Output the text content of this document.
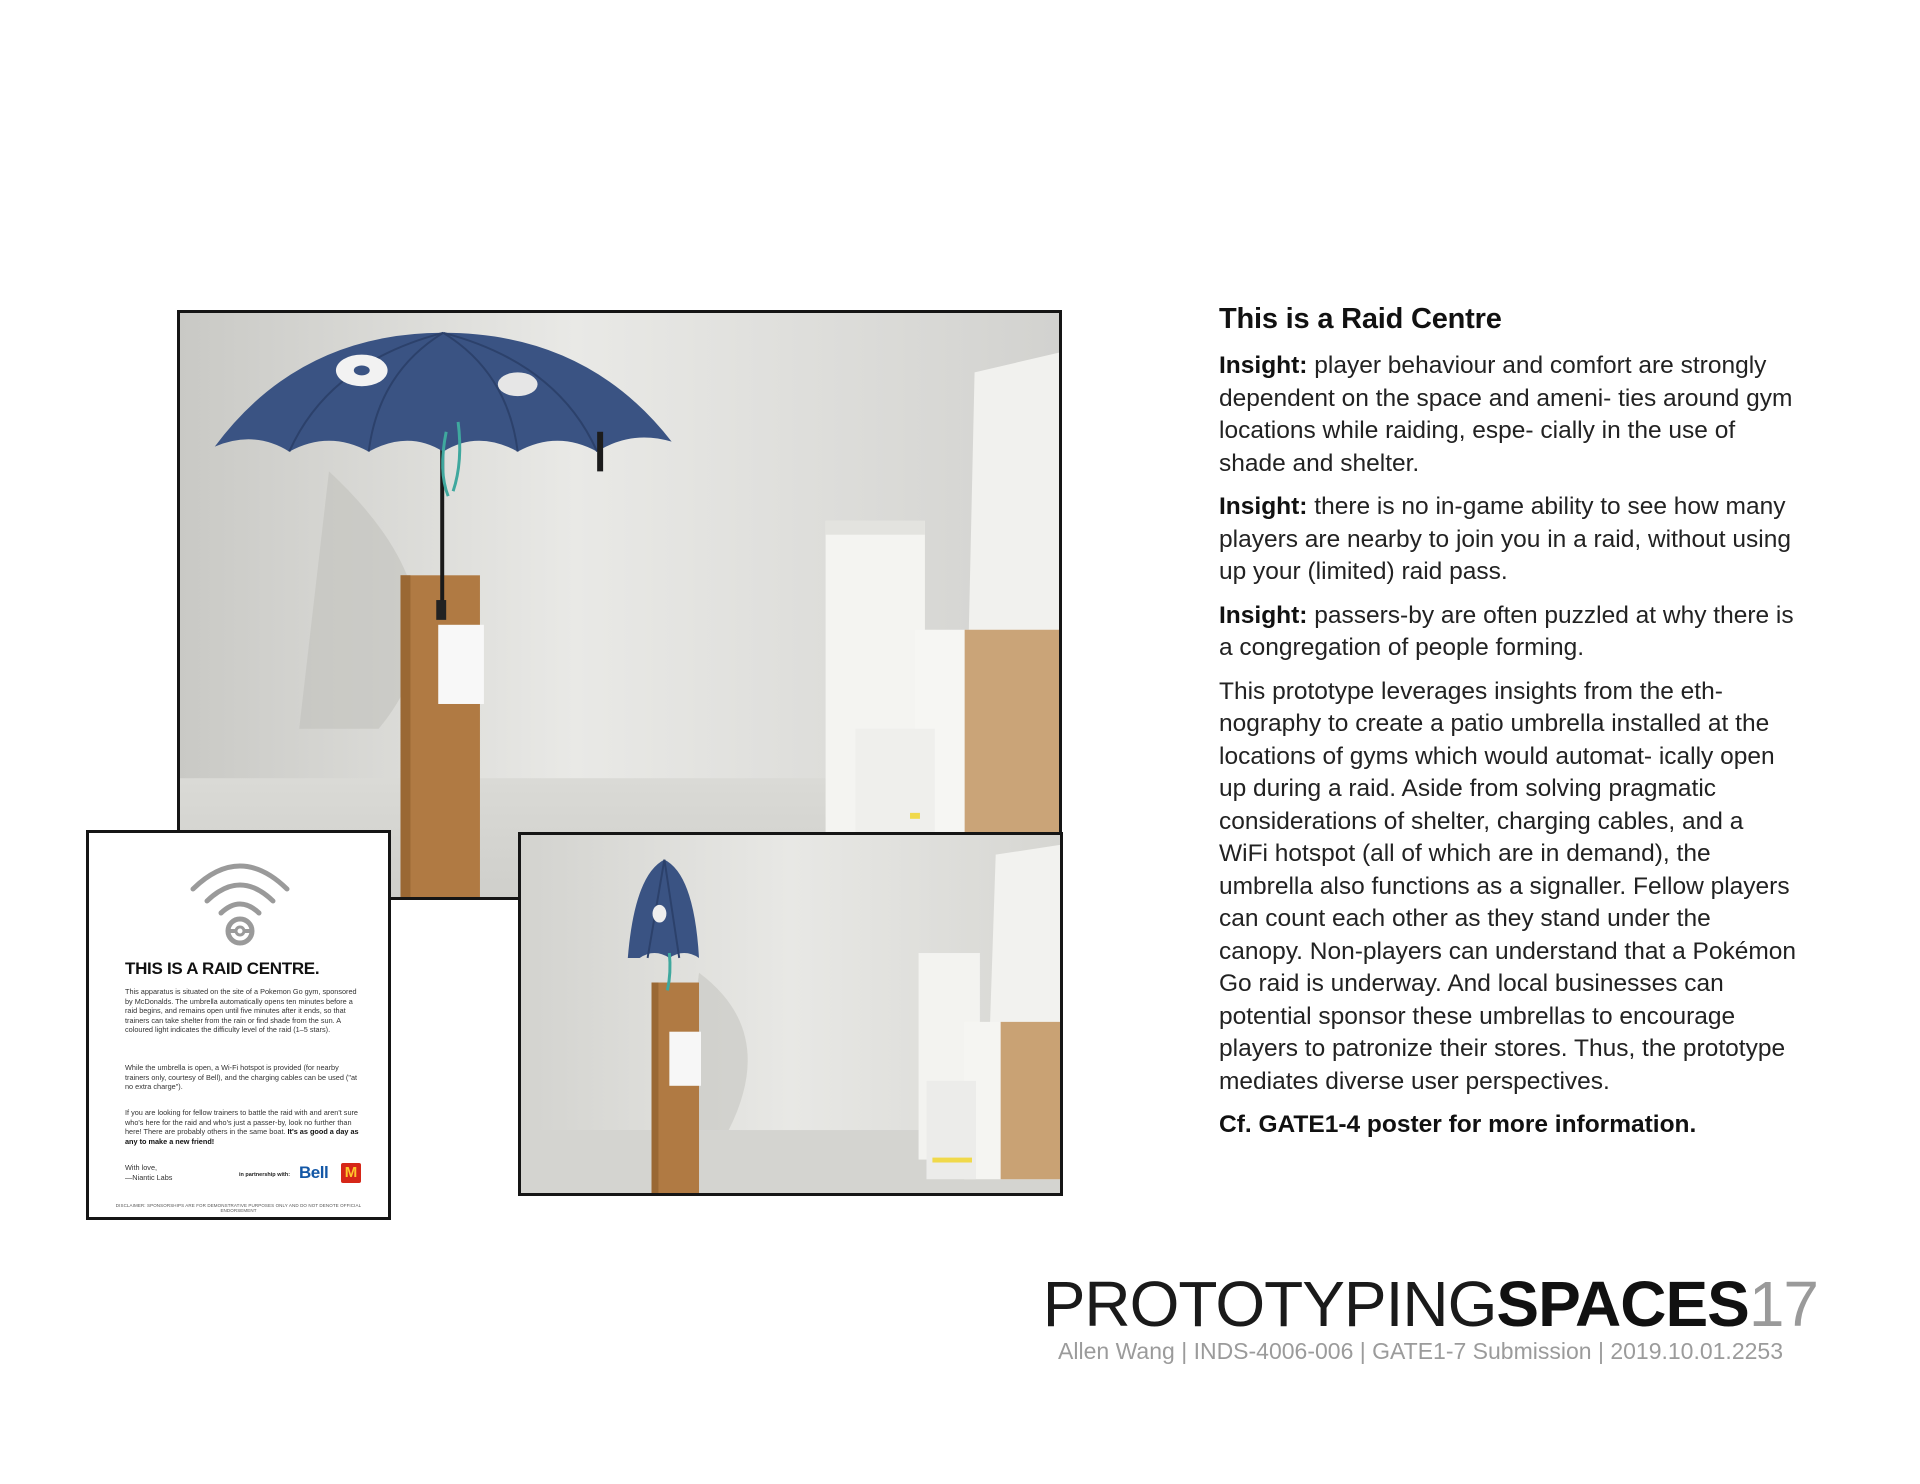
THIS IS A RAID CENTRE.

This apparatus is situated on the site of a Pokemon Go gym, sponsored by McDonalds. The umbrella automatically opens ten minutes before a raid begins, and remains open until five minutes after it ends, so that trainers can take shelter from the rain or find shade from the sun. A coloured light indicates the difficulty level of the raid (1–5 stars).

While the umbrella is open, a Wi-Fi hotspot is provided (for nearby trainers only, courtesy of Bell), and the charging cables can be used ("at no extra charge").

If you are looking for fellow trainers to battle the raid with and aren't sure who's here for the raid and who's just a passer-by, look no further than here! There are probably others in the same boat. It's as good a day as any to make a new friend!

With love,
—Niantic Labs
Pokémon
in partnership with: Bell M
DISCLAIMER: SPONSORSHIPS ARE FOR DEMONSTRATIVE PURPOSES ONLY AND DO NOT DENOTE OFFICIAL ENDORSEMENT
This is a Raid Centre

Insight: player behaviour and comfort are strongly dependent on the space and ameni- ties around gym locations while raiding, espe- cially in the use of shade and shelter.

Insight: there is no in-game ability to see how many players are nearby to join you in a raid, without using up your (limited) raid pass.

Insight: passers-by are often puzzled at why there is a congregation of people forming.

This prototype leverages insights from the eth- nography to create a patio umbrella installed at the locations of gyms which would automat- ically open up during a raid. Aside from solving pragmatic considerations of shelter, charging cables, and a WiFi hotspot (all of which are in demand), the umbrella also functions as a signaller. Fellow players can count each other as they stand under the canopy. Non-players can understand that a Pokémon Go raid is underway. And local businesses can potential sponsor these umbrellas to encourage players to patronize their stores. Thus, the prototype mediates diverse user perspectives.

Cf. GATE1-4 poster for more information.

PROTOTYPINGSPACES17
Allen Wang | INDS-4006-006 | GATE1-7 Submission | 2019.10.01.2253
